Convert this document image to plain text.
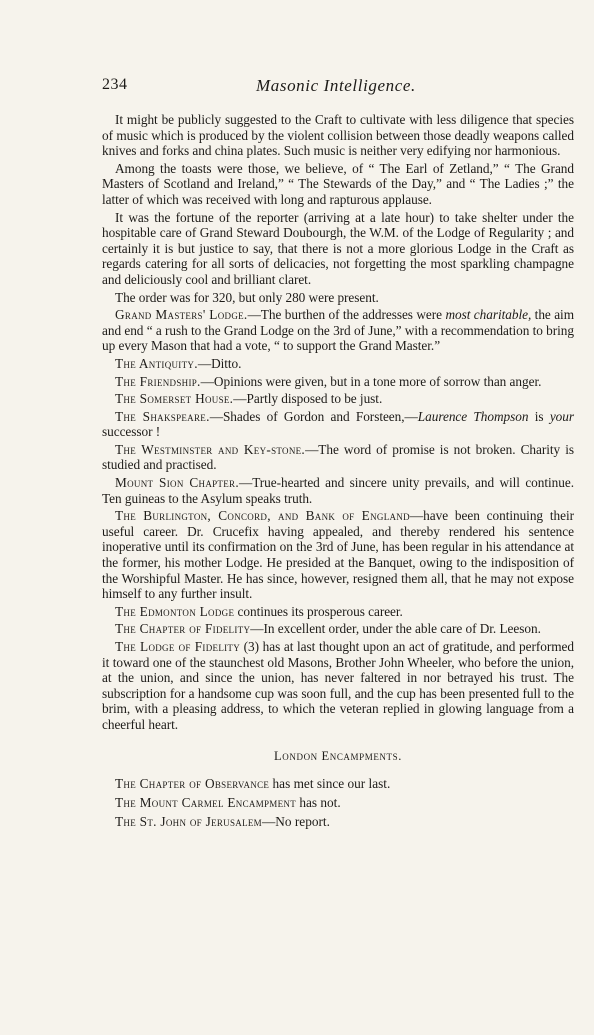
234	Masonic Intelligence.

It might be publicly suggested to the Craft to cultivate with less diligence that species of music which is produced by the violent collision between those deadly weapons called knives and forks and china plates. Such music is neither very edifying nor harmonious.

Among the toasts were those, we believe, of “ The Earl of Zetland,” “ The Grand Masters of Scotland and Ireland,” “ The Stewards of the Day,” and “ The Ladies ;” the latter of which was received with long and rapturous applause.

It was the fortune of the reporter (arriving at a late hour) to take shelter under the hospitable care of Grand Steward Doubourgh, the W.M. of the Lodge of Regularity ; and certainly it is but justice to say, that there is not a more glorious Lodge in the Craft as regards catering for all sorts of delicacies, not forgetting the most sparkling champagne and deliciously cool and brilliant claret.

The order was for 320, but only 280 were present.

Grand Masters' Lodge.—The burthen of the addresses were most charitable, the aim and end “ a rush to the Grand Lodge on the 3rd of June,” with a recommendation to bring up every Mason that had a vote, “ to support the Grand Master.”

The Antiquity.—Ditto.

The Friendship.—Opinions were given, but in a tone more of sorrow than anger.

The Somerset House.—Partly disposed to be just.

The Shakspeare.—Shades of Gordon and Forsteen,—Laurence Thompson is your successor !

The Westminster and Key-stone.—The word of promise is not broken. Charity is studied and practised.

Mount Sion Chapter.—True-hearted and sincere unity prevails, and will continue. Ten guineas to the Asylum speaks truth.

The Burlington, Concord, and Bank of England—have been continuing their useful career. Dr. Crucefix having appealed, and thereby rendered his sentence inoperative until its confirmation on the 3rd of June, has been regular in his attendance at the former, his mother Lodge. He presided at the Banquet, owing to the indisposition of the Worshipful Master. He has since, however, resigned them all, that he may not expose himself to any further insult.

The Edmonton Lodge continues its prosperous career.

The Chapter of Fidelity—In excellent order, under the able care of Dr. Leeson.

The Lodge of Fidelity (3) has at last thought upon an act of gratitude, and performed it toward one of the staunchest old Masons, Brother John Wheeler, who before the union, at the union, and since the union, has never faltered in nor betrayed his trust. The subscription for a handsome cup was soon full, and the cup has been presented full to the brim, with a pleasing address, to which the veteran replied in glowing language from a cheerful heart.

London Encampments.

The Chapter of Observance has met since our last.

The Mount Carmel Encampment has not.

The St. John of Jerusalem—No report.
